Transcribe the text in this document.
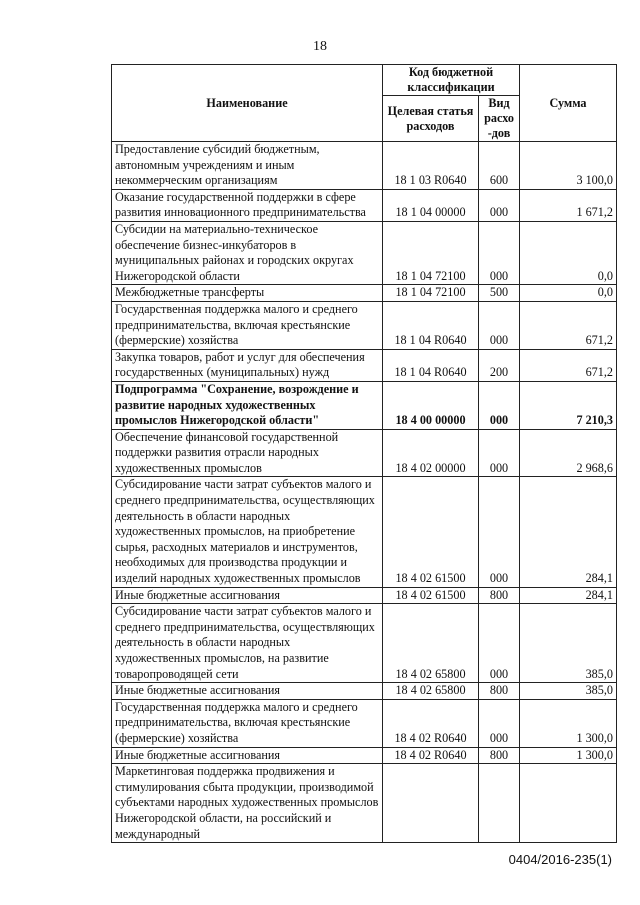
18
Наименование	Код бюджетной классификации		Сумма
	Целевая статья расходов	Вид расхо -дов	
Предоставление субсидий бюджетным, автономным учреждениям и иным некоммерческим организациям	18 1 03 R0640	600	3 100,0
Оказание государственной поддержки в сфере развития инновационного предпринимательства	18 1 04 00000	000	1 671,2
Субсидии на материально-техническое обеспечение бизнес-инкубаторов в муниципальных районах и городских округах Нижегородской области	18 1 04 72100	000	0,0
Межбюджетные трансферты	18 1 04 72100	500	0,0
Государственная поддержка малого и среднего предпринимательства, включая крестьянские (фермерские) хозяйства	18 1 04 R0640	000	671,2
Закупка товаров, работ и услуг для обеспечения государственных (муниципальных) нужд	18 1 04 R0640	200	671,2
Подпрограмма "Сохранение, возрождение и развитие народных художественных промыслов Нижегородской области"	18 4 00 00000	000	7 210,3
Обеспечение финансовой государственной поддержки развития отрасли народных художественных промыслов	18 4 02 00000	000	2 968,6
Субсидирование части затрат субъектов малого и среднего предпринимательства, осуществляющих деятельность в области народных художественных промыслов, на приобретение сырья, расходных материалов и инструментов, необходимых для производства продукции и изделий народных художественных промыслов	18 4 02 61500	000	284,1
Иные бюджетные ассигнования	18 4 02 61500	800	284,1
Субсидирование части затрат субъектов малого и среднего предпринимательства, осуществляющих деятельность в области народных художественных промыслов, на развитие товаропроводящей сети	18 4 02 65800	000	385,0
Иные бюджетные ассигнования	18 4 02 65800	800	385,0
Государственная поддержка малого и среднего предпринимательства, включая крестьянские (фермерские) хозяйства	18 4 02 R0640	000	1 300,0
Иные бюджетные ассигнования	18 4 02 R0640	800	1 300,0
Маркетинговая поддержка продвижения и стимулирования сбыта продукции, производимой субъектами народных художественных промыслов Нижегородской области, на российский и международный			
0404/2016-235(1)
